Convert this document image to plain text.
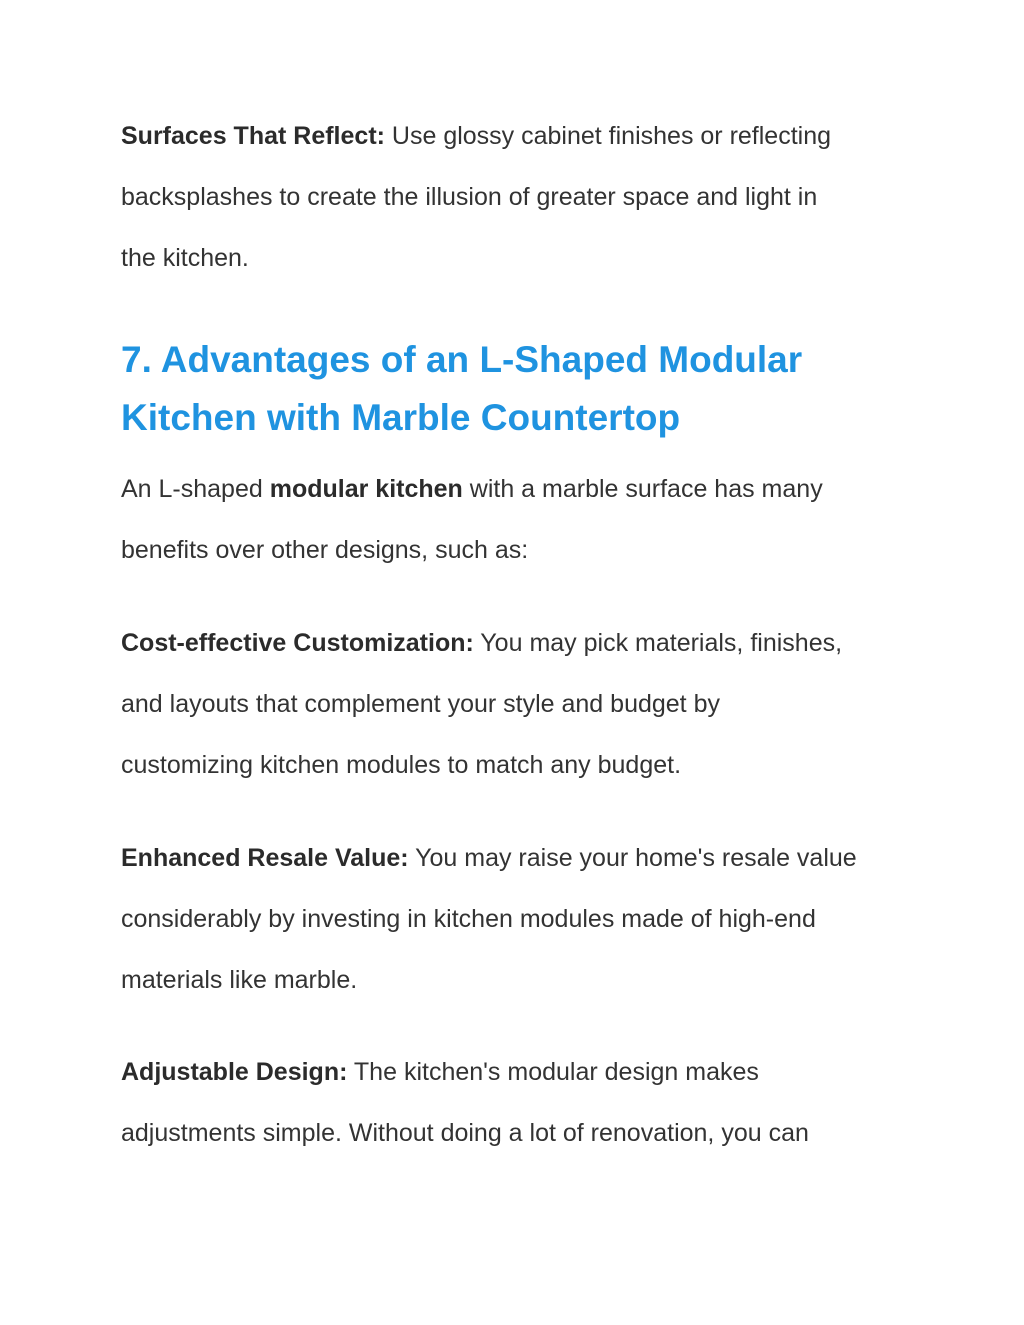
Surfaces That Reflect: Use glossy cabinet finishes or reflecting
backsplashes to create the illusion of greater space and light in
the kitchen.

7. Advantages of an L-Shaped Modular
Kitchen with Marble Countertop

An L-shaped modular kitchen with a marble surface has many
benefits over other designs, such as:

Cost-effective Customization: You may pick materials, finishes,
and layouts that complement your style and budget by
customizing kitchen modules to match any budget.

Enhanced Resale Value: You may raise your home's resale value
considerably by investing in kitchen modules made of high-end
materials like marble.

Adjustable Design: The kitchen's modular design makes
adjustments simple. Without doing a lot of renovation, you can
